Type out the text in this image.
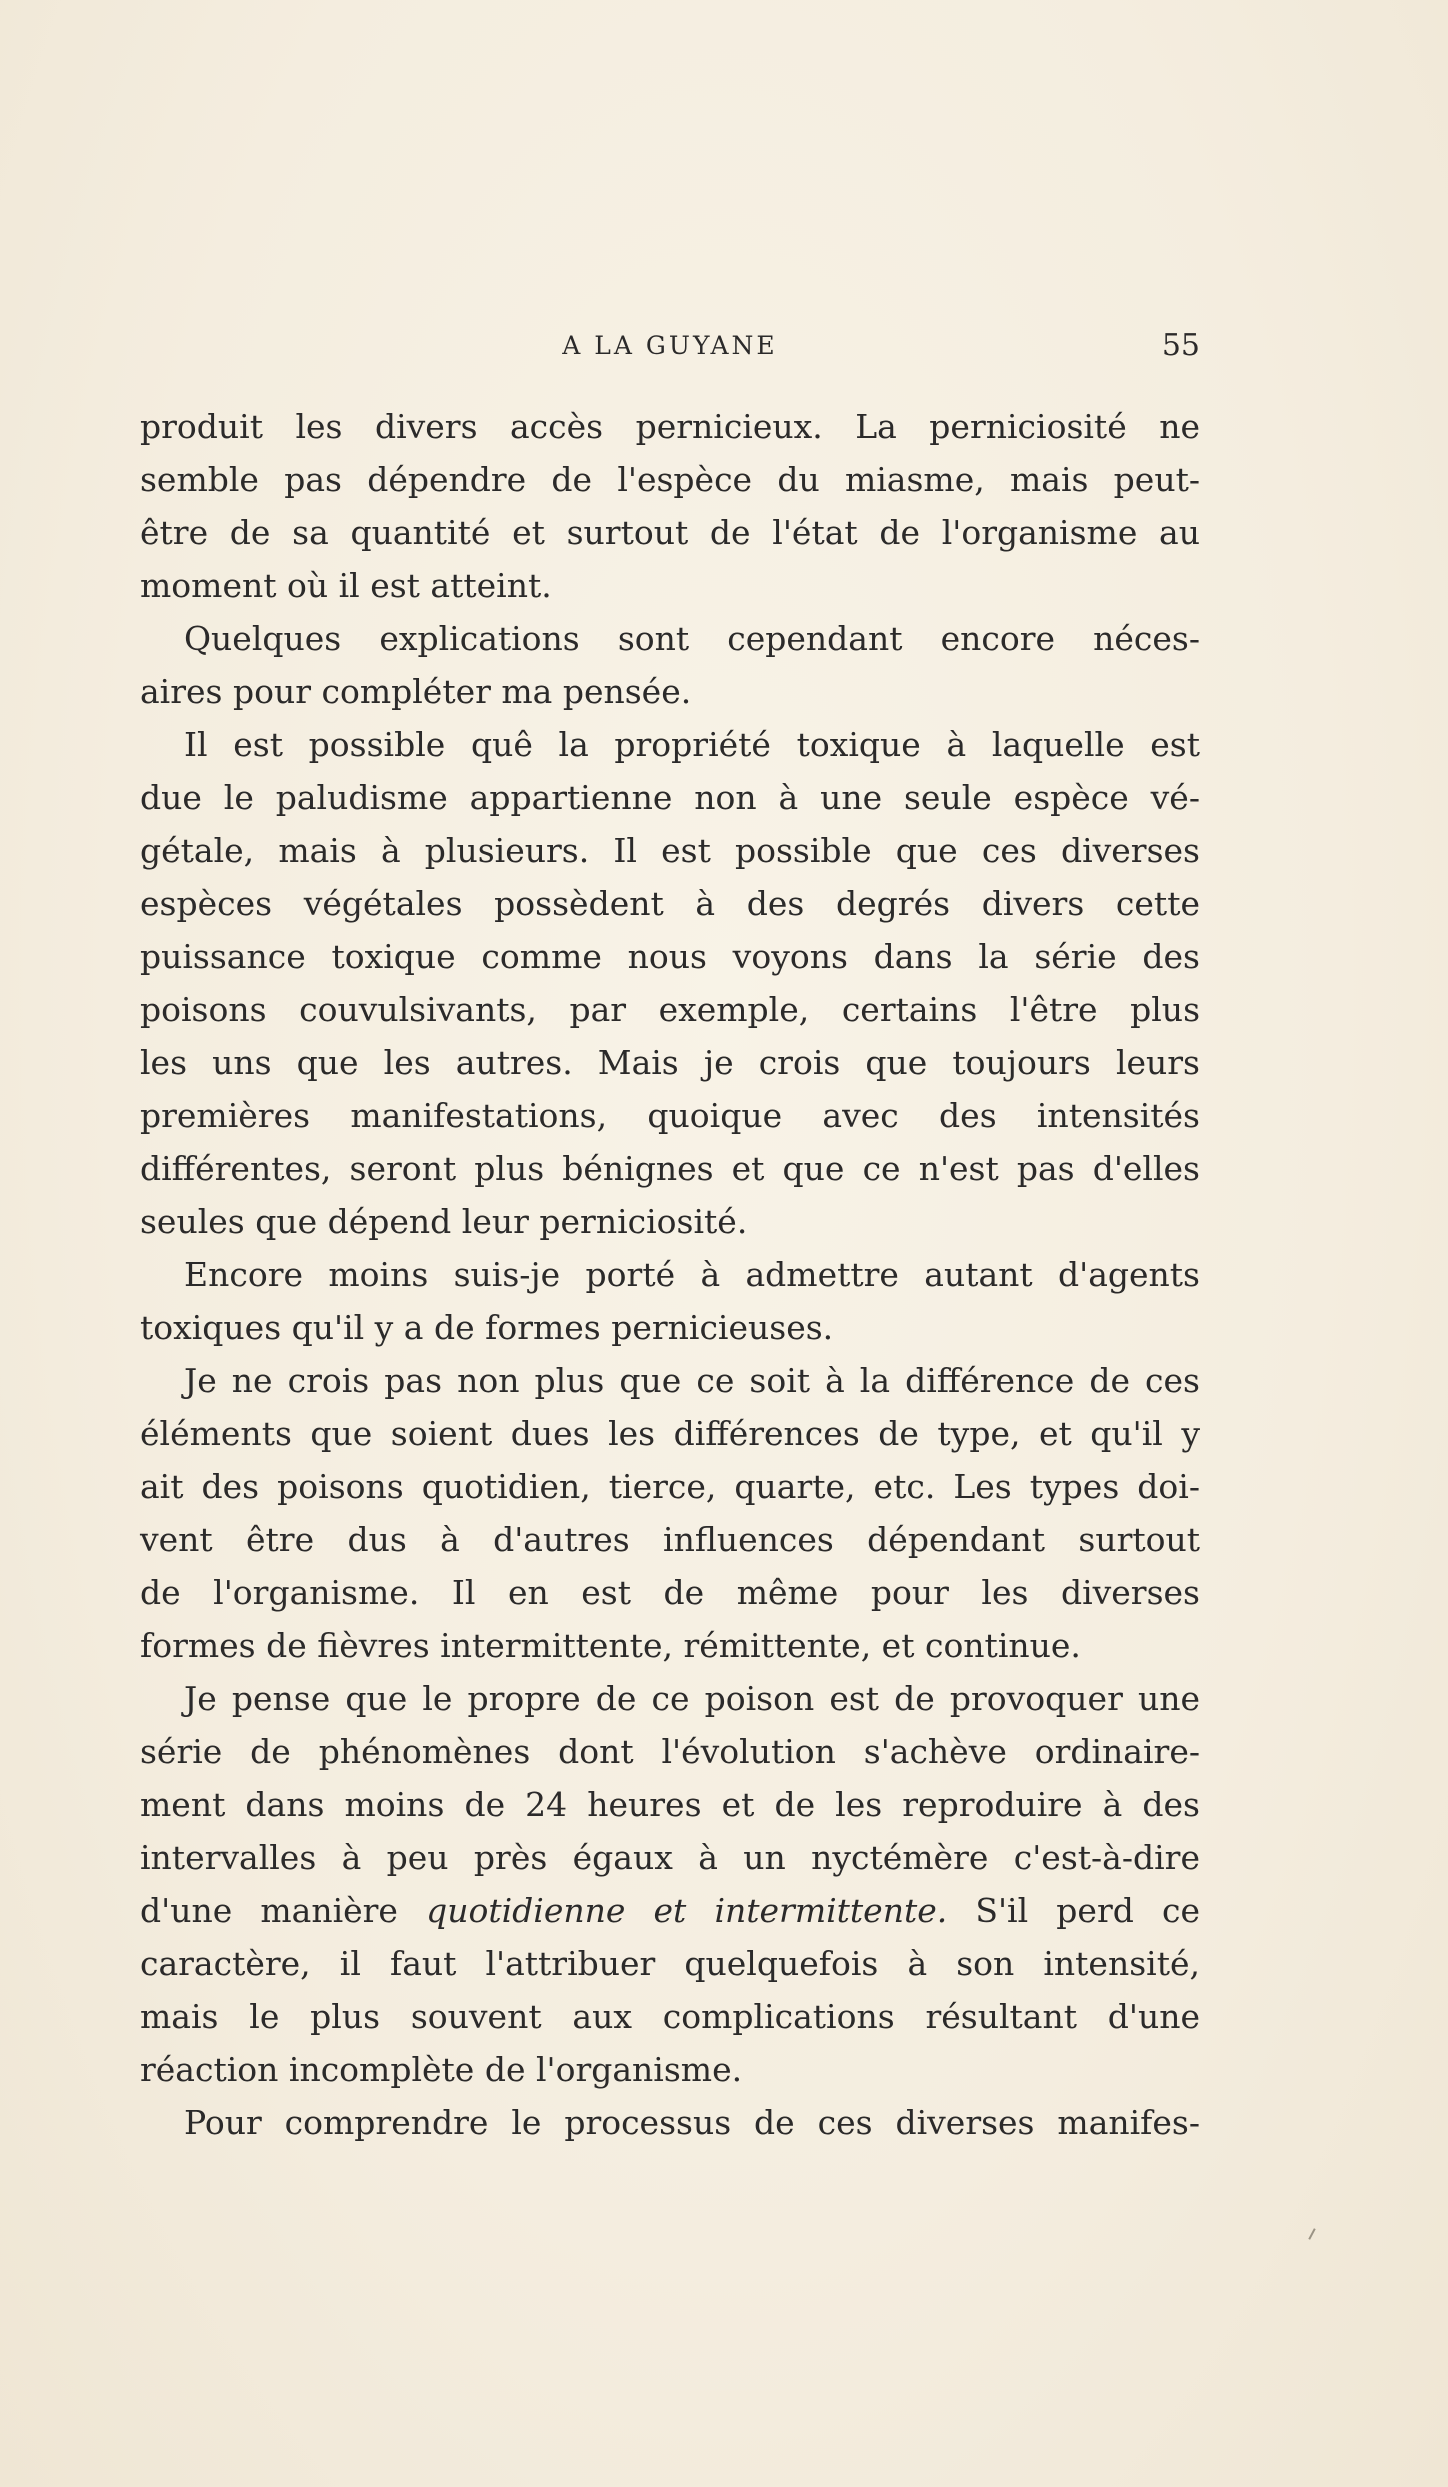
A LA GUYANE	55
produit les divers accès pernicieux. La perniciosité ne
semble pas dépendre de l'espèce du miasme, mais peut-
être de sa quantité et surtout de l'état de l'organisme au
moment où il est atteint.
Quelques explications sont cependant encore néces-
aires pour compléter ma pensée.
Il est possible quê la propriété toxique à laquelle est
due le paludisme appartienne non à une seule espèce vé-
gétale, mais à plusieurs. Il est possible que ces diverses
espèces végétales possèdent à des degrés divers cette
puissance toxique comme nous voyons dans la série des
poisons couvulsivants, par exemple, certains l'être plus
les uns que les autres. Mais je crois que toujours leurs
premières manifestations, quoique avec des intensités
différentes, seront plus bénignes et que ce n'est pas d'elles
seules que dépend leur perniciosité.
Encore moins suis-je porté à admettre autant d'agents
toxiques qu'il y a de formes pernicieuses.
Je ne crois pas non plus que ce soit à la différence de ces
éléments que soient dues les différences de type, et qu'il y
ait des poisons quotidien, tierce, quarte, etc. Les types doi-
vent être dus à d'autres influences dépendant surtout
de l'organisme. Il en est de même pour les diverses
formes de fièvres intermittente, rémittente, et continue.
Je pense que le propre de ce poison est de provoquer une
série de phénomènes dont l'évolution s'achève ordinaire-
ment dans moins de 24 heures et de les reproduire à des
intervalles à peu près égaux à un nyctémère c'est-à-dire
d'une manière quotidienne et intermittente. S'il perd ce
caractère, il faut l'attribuer quelquefois à son intensité,
mais le plus souvent aux complications résultant d'une
réaction incomplète de l'organisme.
Pour comprendre le processus de ces diverses manifes-
